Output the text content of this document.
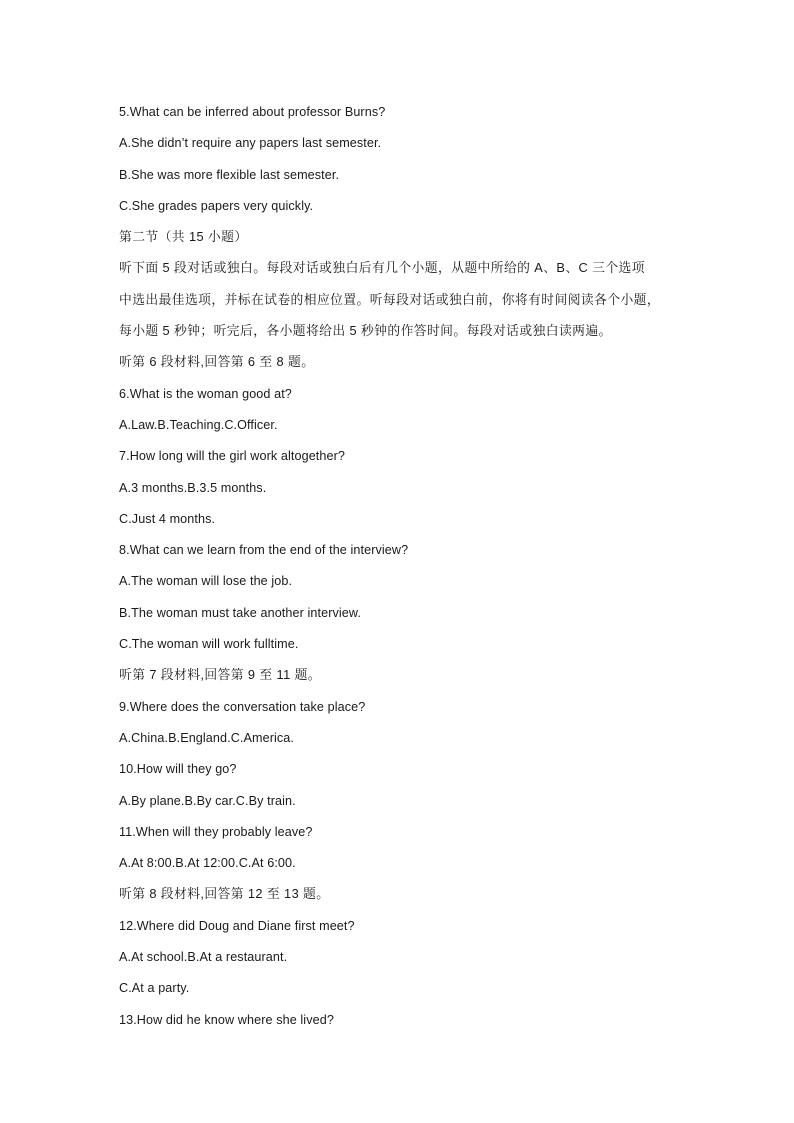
5.What can be inferred about professor Burns?
A.She didn’t require any papers last semester.
B.She was more flexible last semester.
C.She grades papers very quickly.
第二节（共 15 小题）
听下面 5 段对话或独白。每段对话或独白后有几个小题，从题中所给的 A、B、C 三个选项
中选出最佳选项，并标在试卷的相应位置。听每段对话或独白前，你将有时间阅读各个小题，
每小题 5 秒钟；听完后，各小题将给出 5 秒钟的作答时间。每段对话或独白读两遍。
听第 6 段材料,回答第 6 至 8 题。
6.What is the woman good at?
A.Law.B.Teaching.C.Officer.
7.How long will the girl work altogether?
A.3 months.B.3.5 months.
C.Just 4 months.
8.What can we learn from the end of the interview?
A.The woman will lose the job.
B.The woman must take another interview.
C.The woman will work fulltime.
听第 7 段材料,回答第 9 至 11 题。
9.Where does the conversation take place?
A.China.B.England.C.America.
10.How will they go?
A.By plane.B.By car.C.By train.
11.When will they probably leave?
A.At 8:00.B.At 12:00.C.At 6:00.
听第 8 段材料,回答第 12 至 13 题。
12.Where did Doug and Diane first meet?
A.At school.B.At a restaurant.
C.At a party.
13.How did he know where she lived?
